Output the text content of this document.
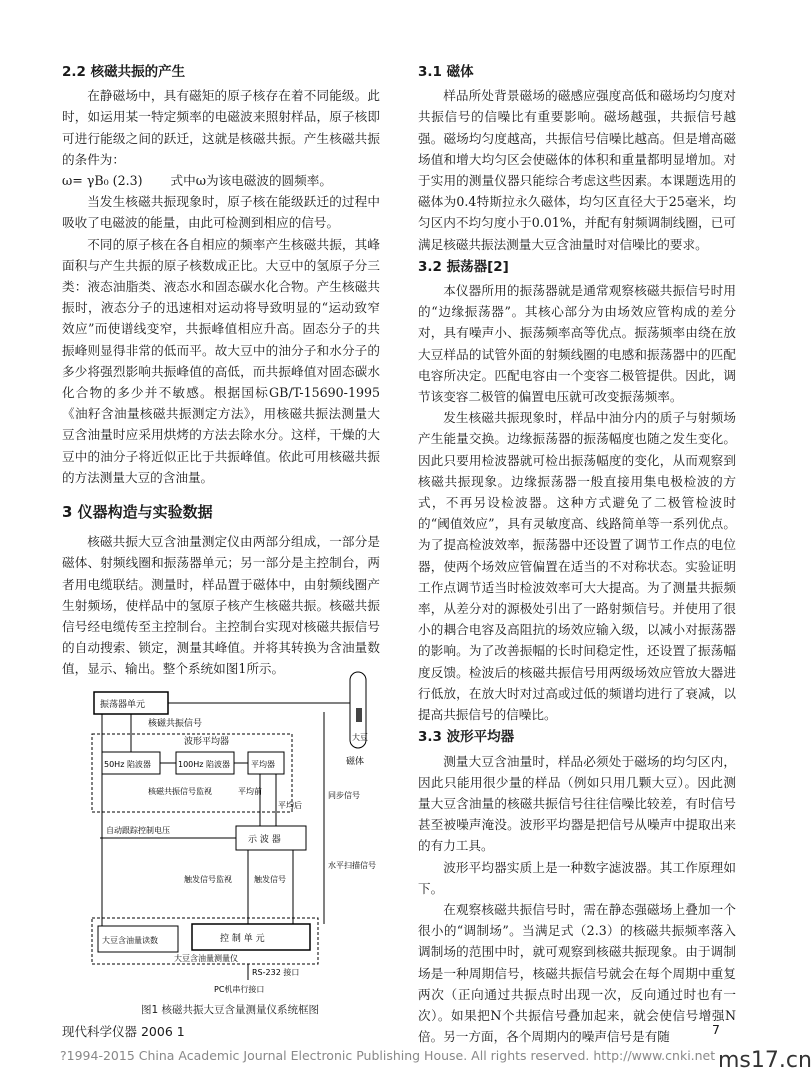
2.2 核磁共振的产生

在静磁场中，具有磁矩的原子核存在着不同能级。此时，如运用某一特定频率的电磁波来照射样品，原子核即可进行能级之间的跃迁，这就是核磁共振。产生核磁共振的条件为：

ω= γB₀ (2.3) 式中ω为该电磁波的圆频率。

当发生核磁共振现象时，原子核在能级跃迁的过程中吸收了电磁波的能量，由此可检测到相应的信号。

不同的原子核在各自相应的频率产生核磁共振，其峰面积与产生共振的原子核数成正比。大豆中的氢原子分三类：液态油脂类、液态水和固态碳水化合物。产生核磁共振时，液态分子的迅速相对运动将导致明显的“运动致窄效应”而使谱线变窄，共振峰值相应升高。固态分子的共振峰则显得非常的低而平。故大豆中的油分子和水分子的多少将强烈影响共振峰值的高低，而共振峰值对固态碳水化合物的多少并不敏感。根据国标GB/T-15690-1995《油籽含油量核磁共振测定方法》，用核磁共振法测量大豆含油量时应采用烘烤的方法去除水分。这样，干燥的大豆中的油分子将近似正比于共振峰值。依此可用核磁共振的方法测量大豆的含油量。

3 仪器构造与实验数据

核磁共振大豆含油量测定仪由两部分组成，一部分是磁体、射频线圈和振荡器单元；另一部分是主控制台，两者用电缆联结。测量时，样品置于磁体中，由射频线圈产生射频场，使样品中的氢原子核产生核磁共振。核磁共振信号经电缆传至主控制台。主控制台实现对核磁共振信号的自动搜索、锁定，测量其峰值。并将其转换为含油量数值，显示、输出。整个系统如图1所示。

振荡器单元
核磁共振信号
波形平均器
50Hz 陷波器	100Hz 陷波器	平均器
大豆
磁体
核磁共振信号监视	平均前
平均后
同步信号
自动跟踪控制电压
示 波 器
水平扫描信号
触发信号监视	触发信号
大豆含油量读数	控 制 单 元
大豆含油量测量仪
RS-232 接口
PC机串行接口
图1 核磁共振大豆含量测量仪系统框图
3.1 磁体

样品所处背景磁场的磁感应强度高低和磁场均匀度对共振信号的信噪比有重要影响。磁场越强，共振信号越强。磁场均匀度越高，共振信号信噪比越高。但是增高磁场值和增大均匀区会使磁体的体积和重量都明显增加。对于实用的测量仪器只能综合考虑这些因素。本课题选用的磁体为0.4特斯拉永久磁体，均匀区直径大于25毫米，均匀区内不均匀度小于0.01%，并配有射频调制线圈，已可满足核磁共振法测量大豆含油量时对信噪比的要求。

3.2 振荡器[2]

本仪器所用的振荡器就是通常观察核磁共振信号时用的“边缘振荡器”。其核心部分为由场效应管构成的差分对，具有噪声小、振荡频率高等优点。振荡频率由绕在放大豆样品的试管外面的射频线圈的电感和振荡器中的匹配电容所决定。匹配电容由一个变容二极管提供。因此，调节该变容二极管的偏置电压就可改变振荡频率。

发生核磁共振现象时，样品中油分内的质子与射频场产生能量交换。边缘振荡器的振荡幅度也随之发生变化。因此只要用检波器就可检出振荡幅度的变化，从而观察到核磁共振现象。边缘振荡器一般直接用集电极检波的方式，不再另设检波器。这种方式避免了二极管检波时的“阈值效应”，具有灵敏度高、线路简单等一系列优点。为了提高检波效率，振荡器中还设置了调节工作点的电位器，使两个场效应管偏置在适当的不对称状态。实验证明工作点调节适当时检波效率可大大提高。为了测量共振频率，从差分对的源极处引出了一路射频信号。并使用了很小的耦合电容及高阻抗的场效应输入级，以减小对振荡器的影响。为了改善振幅的长时间稳定性，还设置了振荡幅度反馈。检波后的核磁共振信号用两级场效应管放大器进行低放，在放大时对过高或过低的频谱均进行了衰减，以提高共振信号的信噪比。

3.3 波形平均器

测量大豆含油量时，样品必须处于磁场的均匀区内，因此只能用很少量的样品（例如只用几颗大豆）。因此测量大豆含油量的核磁共振信号往往信噪比较差，有时信号甚至被噪声淹没。波形平均器是把信号从噪声中提取出来的有力工具。

波形平均器实质上是一种数字滤波器。其工作原理如下。

在观察核磁共振信号时，需在静态强磁场上叠加一个很小的“调制场”。当满足式（2.3）的核磁共振频率落入调制场的范围中时，就可观察到核磁共振现象。由于调制场是一种周期信号，核磁共振信号就会在每个周期中重复两次（正向通过共振点时出现一次，反向通过时也有一次）。如果把N个共振信号叠加起来，就会使信号增强N倍。另一方面，各个周期内的噪声信号是有随

现代科学仪器 2006 1	7
?1994-2015 China Academic Journal Electronic Publishing House. All rights reserved. http://www.cnki.net ms17.cn
